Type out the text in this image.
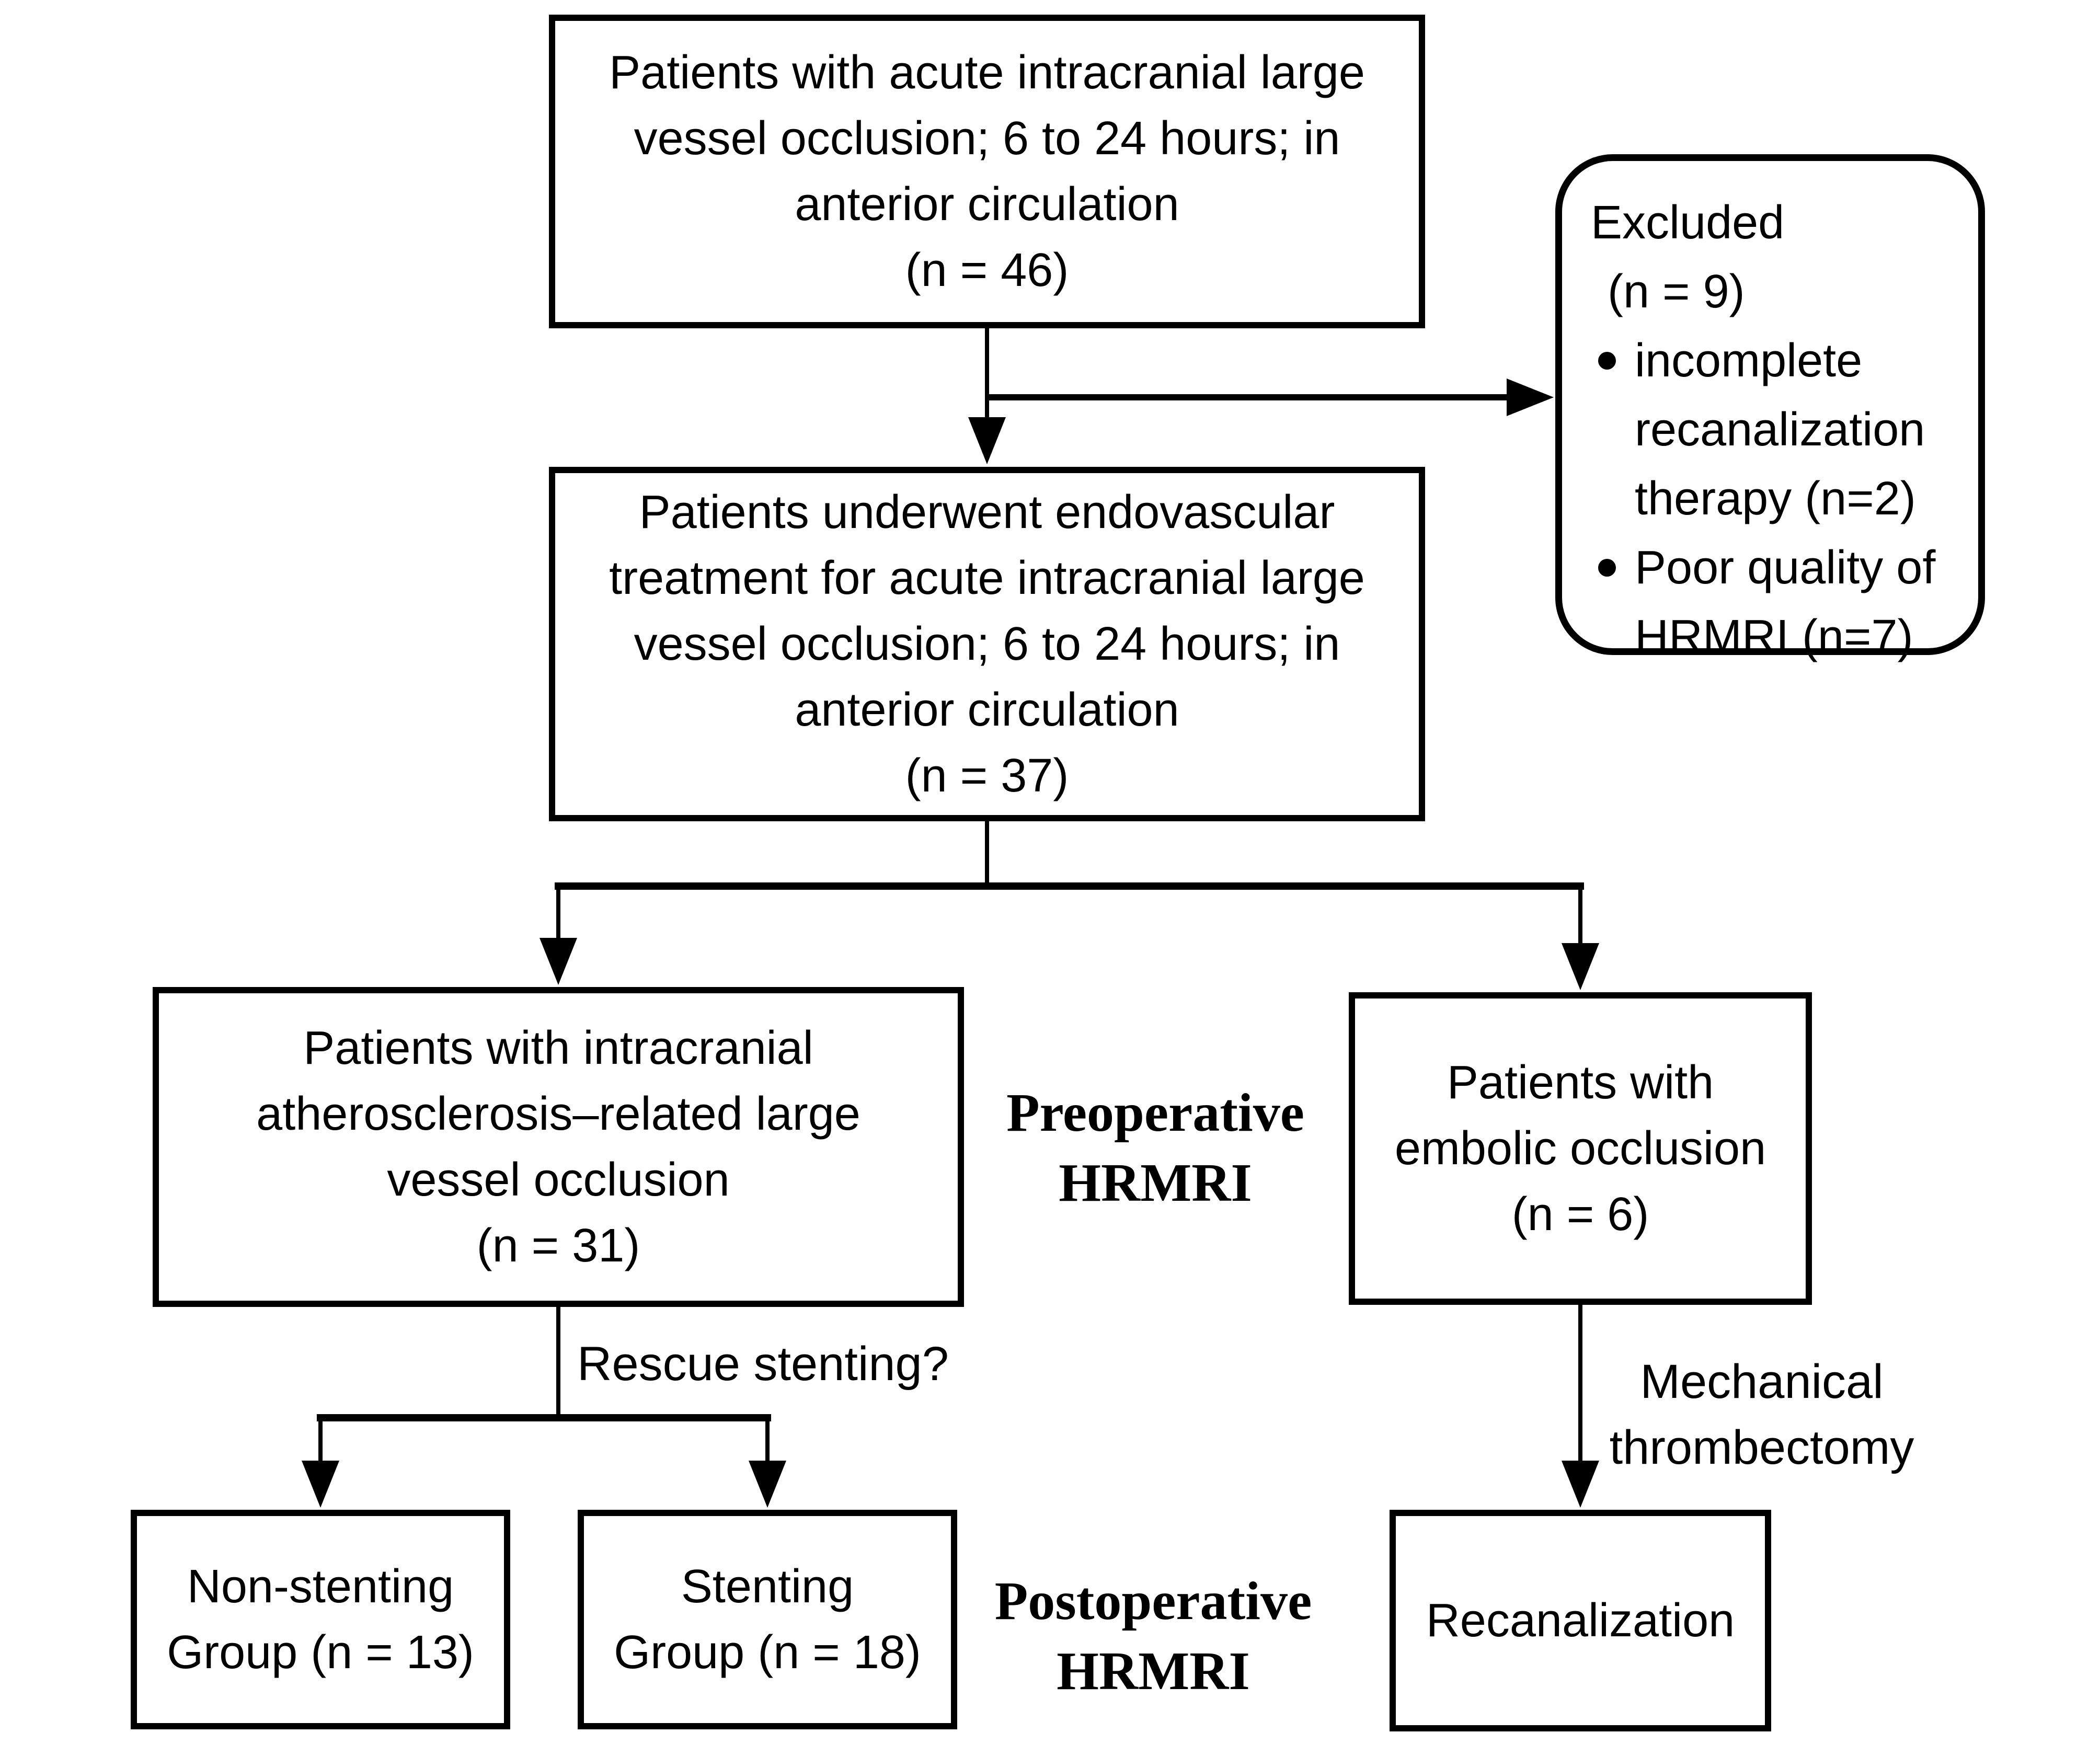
Patients with acute intracranial large
vessel occlusion; 6 to 24 hours; in
anterior circulation
(n = 46)
Excluded
(n = 9)
incomplete recanalization therapy (n=2)
Poor quality of HRMRI (n=7)
Patients underwent endovascular
treatment for acute intracranial large
vessel occlusion; 6 to 24 hours; in
anterior circulation
(n = 37)
Patients with intracranial
atherosclerosis–related large
vessel occlusion
(n = 31)
Preoperative
HRMRI
Patients with
embolic occlusion
(n = 6)
Rescue stenting?	Mechanical
thrombectomy
Non-stenting
Group (n = 13)
Stenting
Group (n = 18)
Postoperative
HRMRI
Recanalization
